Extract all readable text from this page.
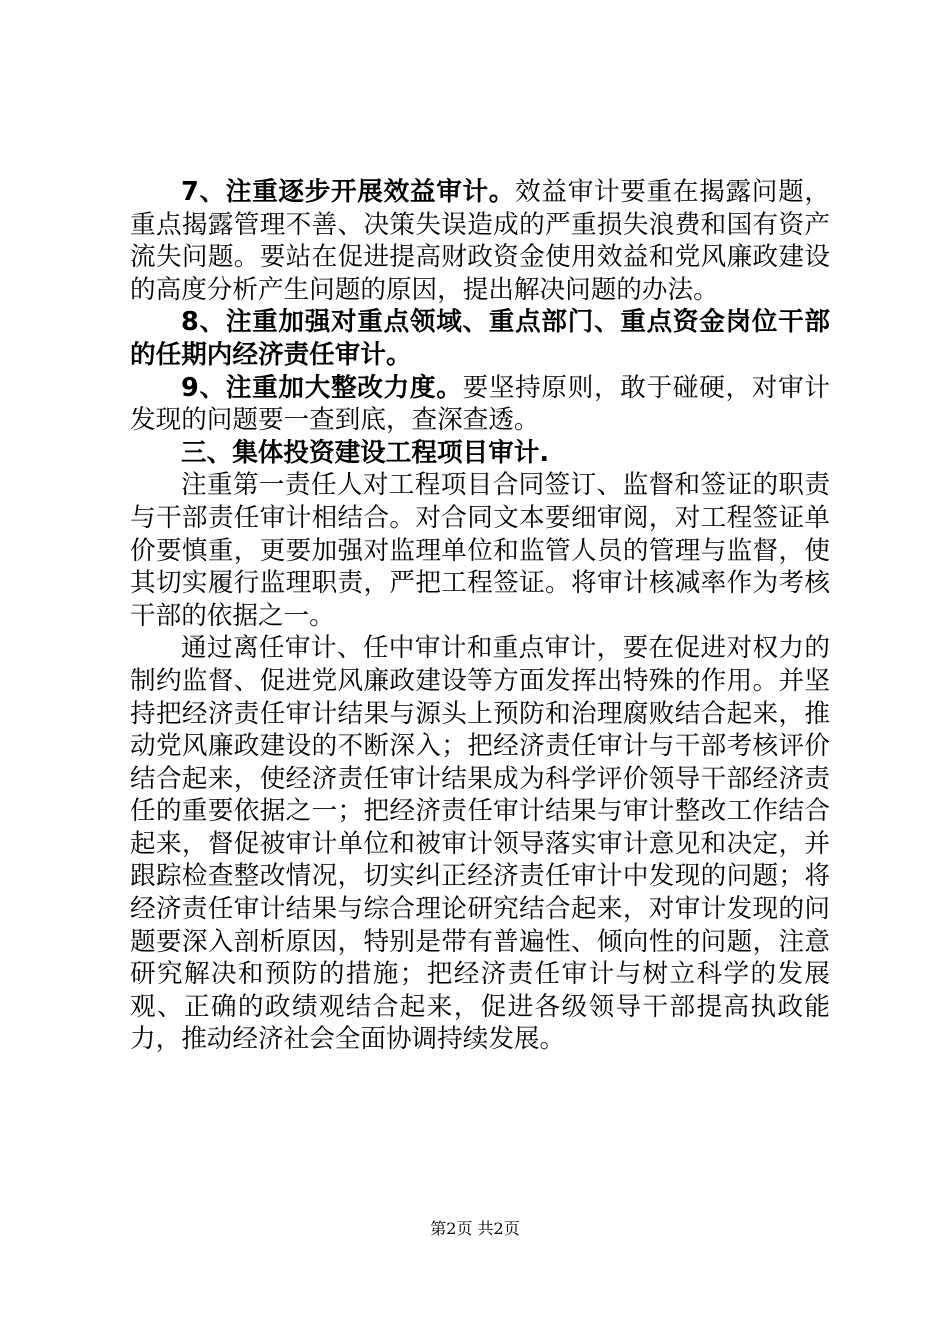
7、注重逐步开展效益审计。效益审计要重在揭露问题，重点揭露管理不善、决策失误造成的严重损失浪费和国有资产流失问题。要站在促进提高财政资金使用效益和党风廉政建设的高度分析产生问题的原因，提出解决问题的办法。

8、注重加强对重点领域、重点部门、重点资金岗位干部的任期内经济责任审计。

9、注重加大整改力度。要坚持原则，敢于碰硬，对审计发现的问题要一查到底，查深查透。

三、集体投资建设工程项目审计.

注重第一责任人对工程项目合同签订、监督和签证的职责与干部责任审计相结合。对合同文本要细审阅，对工程签证单价要慎重，更要加强对监理单位和监管人员的管理与监督，使其切实履行监理职责，严把工程签证。将审计核减率作为考核干部的依据之一。

通过离任审计、任中审计和重点审计，要在促进对权力的制约监督、促进党风廉政建设等方面发挥出特殊的作用。并坚持把经济责任审计结果与源头上预防和治理腐败结合起来，推动党风廉政建设的不断深入；把经济责任审计与干部考核评价结合起来，使经济责任审计结果成为科学评价领导干部经济责任的重要依据之一；把经济责任审计结果与审计整改工作结合起来，督促被审计单位和被审计领导落实审计意见和决定，并跟踪检查整改情况，切实纠正经济责任审计中发现的问题；将经济责任审计结果与综合理论研究结合起来，对审计发现的问题要深入剖析原因，特别是带有普遍性、倾向性的问题，注意研究解决和预防的措施；把经济责任审计与树立科学的发展观、正确的政绩观结合起来，促进各级领导干部提高执政能力，推动经济社会全面协调持续发展。

第2页 共2页
